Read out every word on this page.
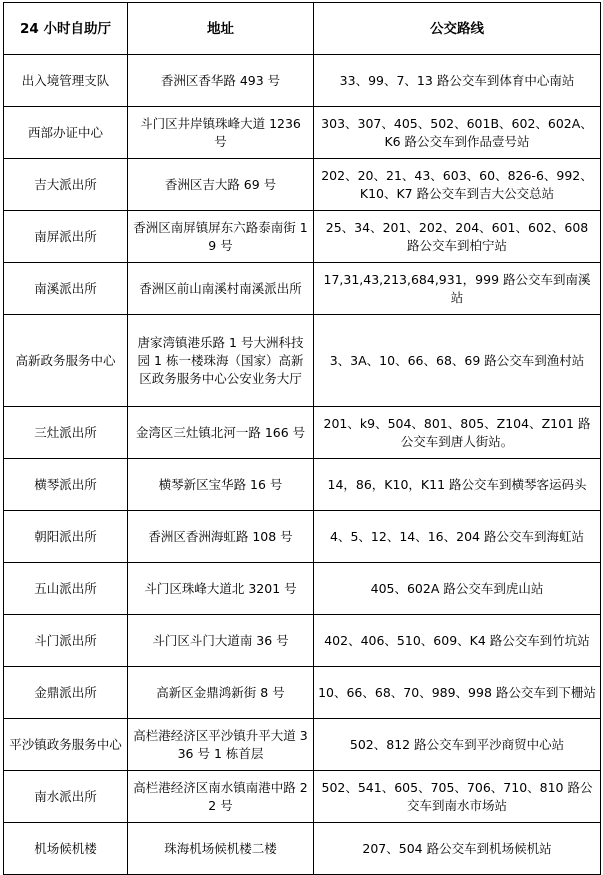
24 小时自助厅	地址	公交路线
出入境管理支队	香洲区香华路 493 号	33、99、7、13 路公交车到体育中心南站
西部办证中心	斗门区井岸镇珠峰大道 1236 号	303、307、405、502、601B、602、602A、K6 路公交车到作品壹号站
吉大派出所	香洲区吉大路 69 号	202、20、21、43、603、60、826-6、992、K10、K7 路公交车到吉大公交总站
南屏派出所	香洲区南屏镇屏东六路泰南街 19 号	25、34、201、202、204、601、602、608 路公交车到柏宁站
南溪派出所	香洲区前山南溪村南溪派出所	17,31,43,213,684,931，999 路公交车到南溪站
高新政务服务中心	唐家湾镇港乐路 1 号大洲科技园 1 栋一楼珠海（国家）高新区政务服务中心公安业务大厅	3、3A、10、66、68、69 路公交车到渔村站
三灶派出所	金湾区三灶镇北河一路 166 号	201、k9、504、801、805、Z104、Z101 路公交车到唐人街站。
横琴派出所	横琴新区宝华路 16 号	14，86，K10，K11 路公交车到横琴客运码头
朝阳派出所	香洲区香洲海虹路 108 号	4、5、12、14、16、204 路公交车到海虹站
五山派出所	斗门区珠峰大道北 3201 号	405、602A 路公交车到虎山站
斗门派出所	斗门区斗门大道南 36 号	402、406、510、609、K4 路公交车到竹坑站
金鼎派出所	高新区金鼎鸿新街 8 号	10、66、68、70、989、998 路公交车到下栅站
平沙镇政务服务中心	高栏港经济区平沙镇升平大道 336 号 1 栋首层	502、812 路公交车到平沙商贸中心站
南水派出所	高栏港经济区南水镇南港中路 22 号	502、541、605、705、706、710、810 路公交车到南水市场站
机场候机楼	珠海机场候机楼二楼	207、504 路公交车到机场候机站
